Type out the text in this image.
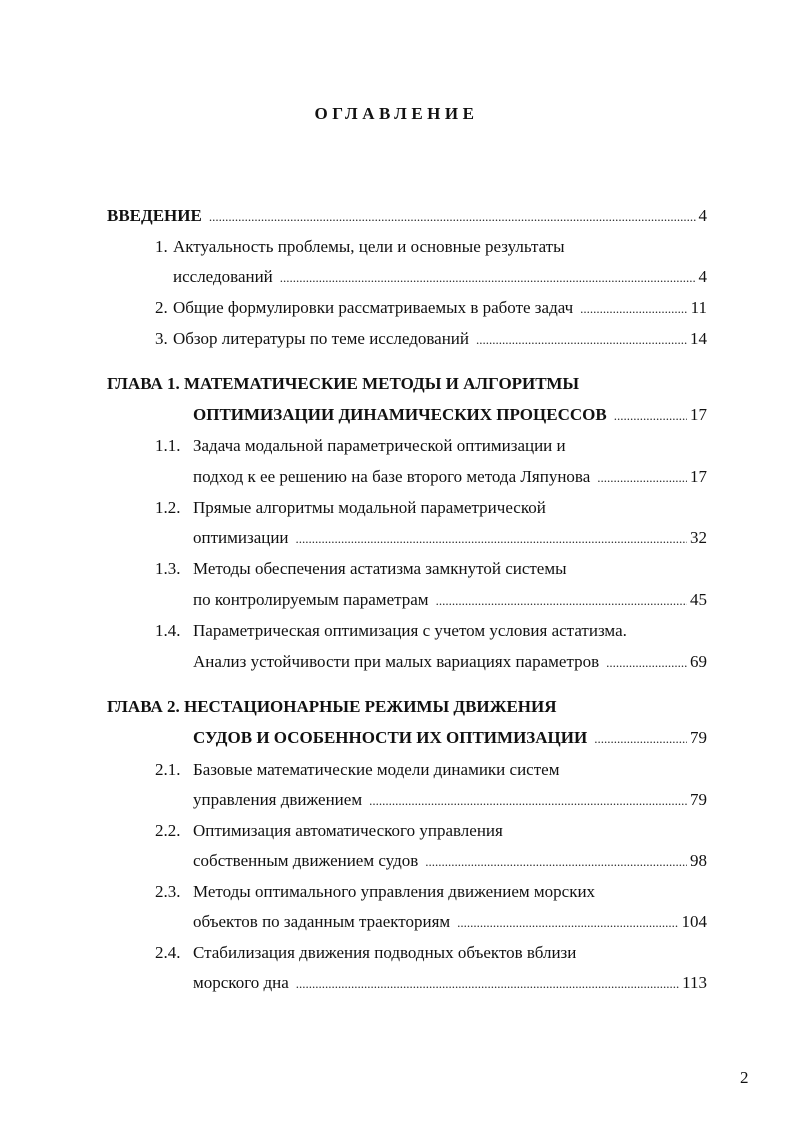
ОГЛАВЛЕНИЕ
ВВЕДЕНИЕ .....	4
1. Актуальность проблемы, цели и основные результаты
исследований .....	4
2. Общие формулировки рассматриваемых в работе задач .....	11
3. Обзор литературы по теме исследований .....	14
ГЛАВА 1. МАТЕМАТИЧЕСКИЕ МЕТОДЫ И АЛГОРИТМЫ
ОПТИМИЗАЦИИ ДИНАМИЧЕСКИХ ПРОЦЕССОВ .....	17
1.1. Задача модальной параметрической оптимизации и
подход к ее решению на базе второго метода Ляпунова .....	17
1.2. Прямые алгоритмы модальной параметрической
оптимизации .....	32
1.3. Методы обеспечения астатизма замкнутой системы
по контролируемым параметрам .....	45
1.4. Параметрическая оптимизация с учетом условия астатизма.
Анализ устойчивости при малых вариациях параметров .....	69
ГЛАВА 2. НЕСТАЦИОНАРНЫЕ РЕЖИМЫ ДВИЖЕНИЯ
СУДОВ И ОСОБЕННОСТИ ИХ ОПТИМИЗАЦИИ .....	79
2.1. Базовые математические модели динамики систем
управления движением .....	79
2.2. Оптимизация автоматического управления
собственным движением судов .....	98
2.3. Методы оптимального управления движением морских
объектов по заданным траекториям .....	104
2.4. Стабилизация движения подводных объектов вблизи
морского дна .....	113
2
